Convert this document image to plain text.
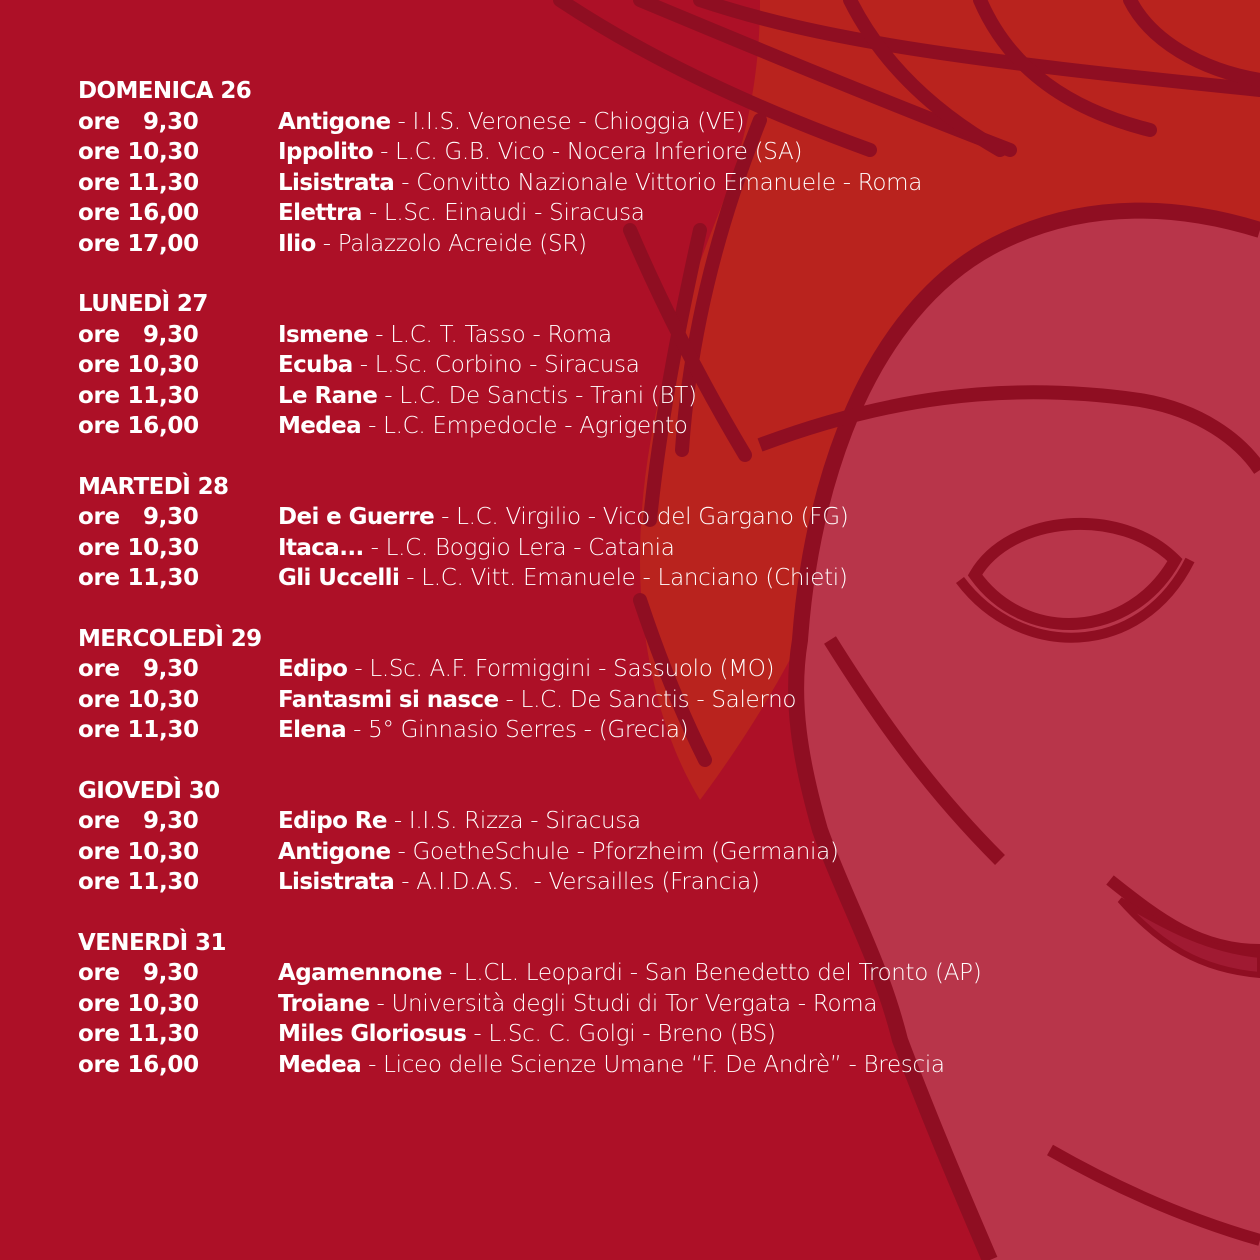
DOMENICA 26
ore   9,30	Antigone - I.I.S. Veronese - Chioggia (VE)
ore 10,30	Ippolito - L.C. G.B. Vico - Nocera Inferiore (SA)
ore 11,30	Lisistrata - Convitto Nazionale Vittorio Emanuele - Roma
ore 16,00	Elettra - L.Sc. Einaudi - Siracusa
ore 17,00	Ilio - Palazzolo Acreide (SR)
LUNEDÌ 27
ore   9,30	Ismene - L.C. T. Tasso - Roma
ore 10,30	Ecuba - L.Sc. Corbino - Siracusa
ore 11,30	Le Rane - L.C. De Sanctis - Trani (BT)
ore 16,00	Medea - L.C. Empedocle - Agrigento
MARTEDÌ 28
ore   9,30	Dei e Guerre - L.C. Virgilio - Vico del Gargano (FG)
ore 10,30	Itaca... - L.C. Boggio Lera - Catania
ore 11,30	Gli Uccelli - L.C. Vitt. Emanuele - Lanciano (Chieti)
MERCOLEDÌ 29
ore   9,30	Edipo - L.Sc. A.F. Formiggini - Sassuolo (MO)
ore 10,30	Fantasmi si nasce - L.C. De Sanctis - Salerno
ore 11,30	Elena - 5° Ginnasio Serres - (Grecia)
GIOVEDÌ 30
ore   9,30	Edipo Re - I.I.S. Rizza - Siracusa
ore 10,30	Antigone - GoetheSchule - Pforzheim (Germania)
ore 11,30	Lisistrata - A.I.D.A.S.  - Versailles (Francia)
VENERDÌ 31
ore   9,30	Agamennone - L.CL. Leopardi - San Benedetto del Tronto (AP)
ore 10,30	Troiane - Università degli Studi di Tor Vergata - Roma
ore 11,30	Miles Gloriosus - L.Sc. C. Golgi - Breno (BS)
ore 16,00	Medea - Liceo delle Scienze Umane “F. De Andrè” - Brescia
